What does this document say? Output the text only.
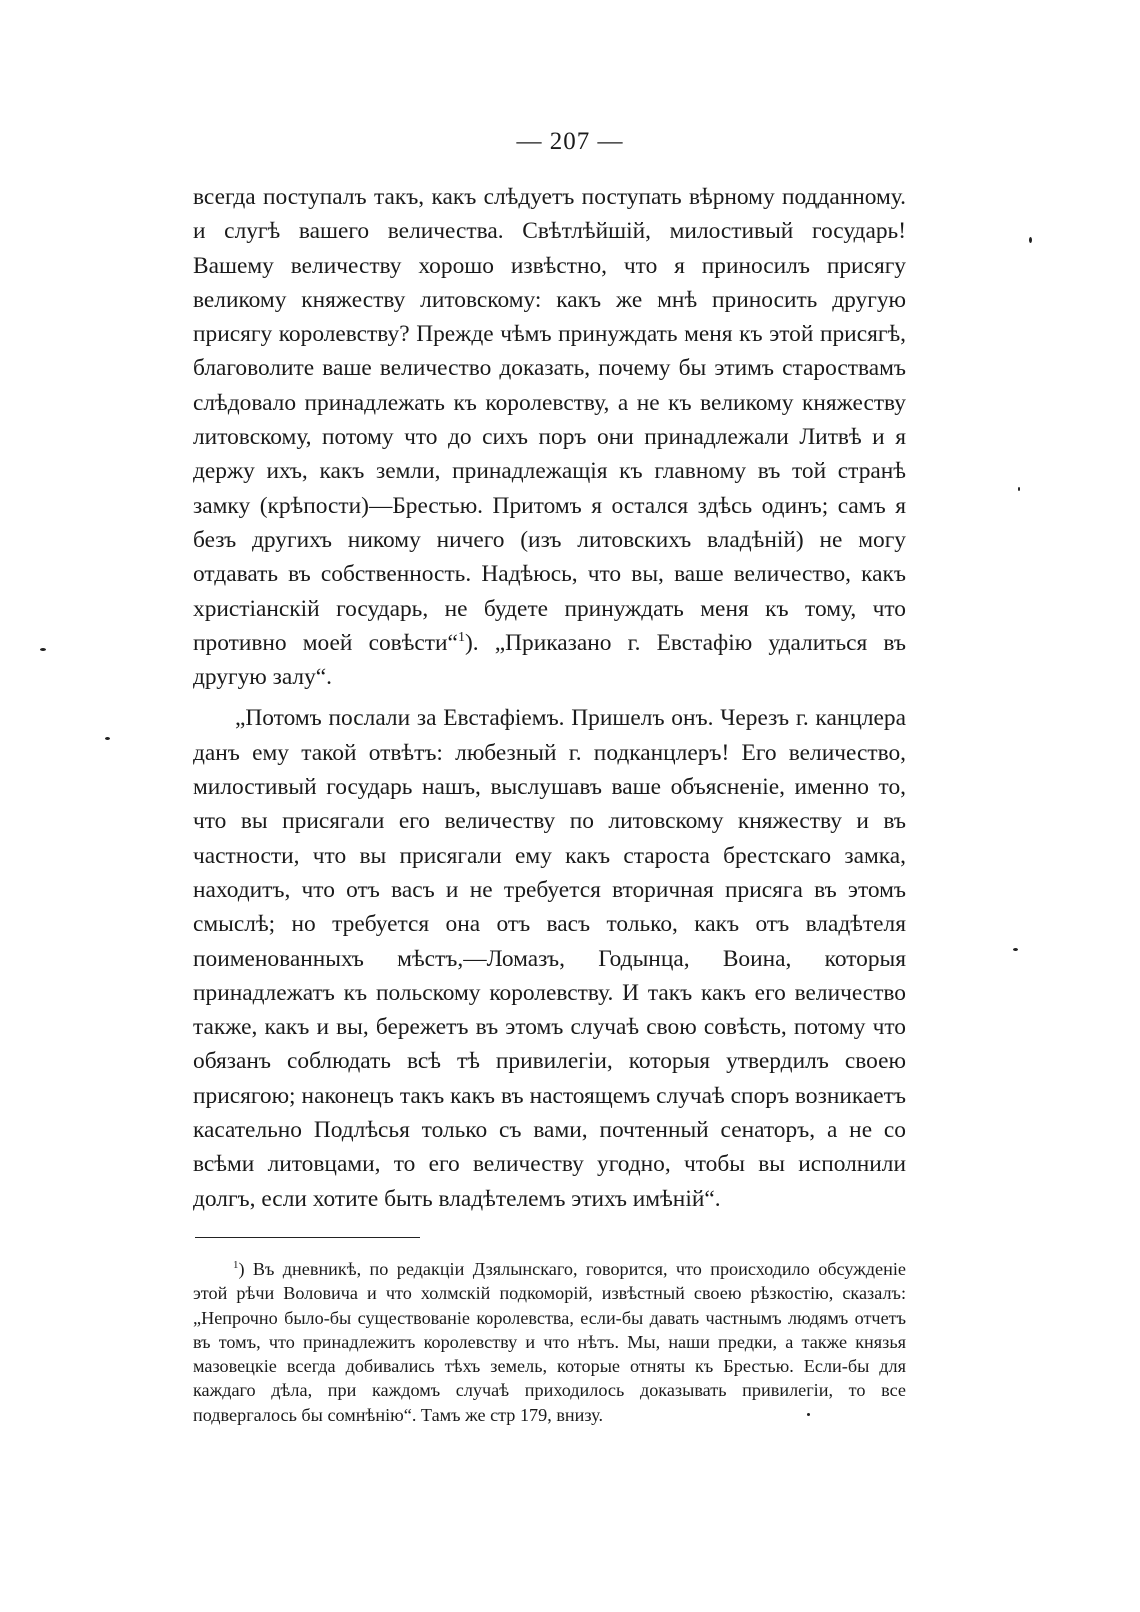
— 207 —

всегда поступалъ такъ, какъ слѣдуетъ поступать вѣрному подданному. и слугѣ вашего величества. Свѣтлѣйшій, милостивый государь! Вашему величеству хорошо извѣстно, что я приносилъ присягу великому княжеству литовскому: какъ же мнѣ приносить другую присягу королевству? Прежде чѣмъ принуждать меня къ этой присягѣ, благоволите ваше величество доказать, почему бы этимъ староствамъ слѣдовало принадлежать къ королевству, а не къ великому княжеству литовскому, потому что до сихъ поръ они принадлежали Литвѣ и я держу ихъ, какъ земли, принадлежащія къ главному въ той странѣ замку (крѣпости)—Брестью. Притомъ я остался здѣсь одинъ; самъ я безъ другихъ никому ничего (изъ литовскихъ владѣній) не могу отдавать въ собственность. Надѣюсь, что вы, ваше величество, какъ христіанскій государь, не будете принуждать меня къ тому, что противно моей совѣсти“$^1$). „Приказано г. Евстафію удалиться въ другую залу“.

„Потомъ послали за Евстафіемъ. Пришелъ онъ. Черезъ г. канцлера данъ ему такой отвѣтъ: любезный г. подканцлеръ! Его величество, милостивый государь нашъ, выслушавъ ваше объясненіе, именно то, что вы присягали его величеству по литовскому княжеству и въ частности, что вы присягали ему какъ староста брестскаго замка, находитъ, что отъ васъ и не требуется вторичная присяга въ этомъ смыслѣ; но требуется она отъ васъ только, какъ отъ владѣтеля поименованныхъ мѣстъ,—Ломазъ, Годынца, Воина, которыя принадлежатъ къ польскому королевству. И такъ какъ его величество также, какъ и вы, бережетъ въ этомъ случаѣ свою совѣсть, потому что обязанъ соблюдать всѣ тѣ привилегіи, которыя утвердилъ своею присягою; наконецъ такъ какъ въ настоящемъ случаѣ споръ возникаетъ касательно Подлѣсья только съ вами, почтенный сенаторъ, а не со всѣми литовцами, то его величеству угодно, чтобы вы исполнили долгъ, если хотите быть владѣтелемъ этихъ имѣній“.

$^1$) Въ дневникѣ, по редакціи Дзялынскаго, говорится, что происходило обсужденіе этой рѣчи Воловича и что холмскій подкоморій, извѣстный своею рѣзкостію, сказалъ: „Непрочно было-бы существованіе королевства, если-бы давать частнымъ людямъ отчетъ въ томъ, что принадлежитъ королевству и что нѣтъ. Мы, наши предки, а также князья мазовецкіе всегда добивались тѣхъ земель, которые отняты къ Брестью. Если-бы для каждаго дѣла, при каждомъ случаѣ приходилось доказывать привилегіи, то все подвергалось бы сомнѣнію“. Тамъ же стр 179, внизу.
